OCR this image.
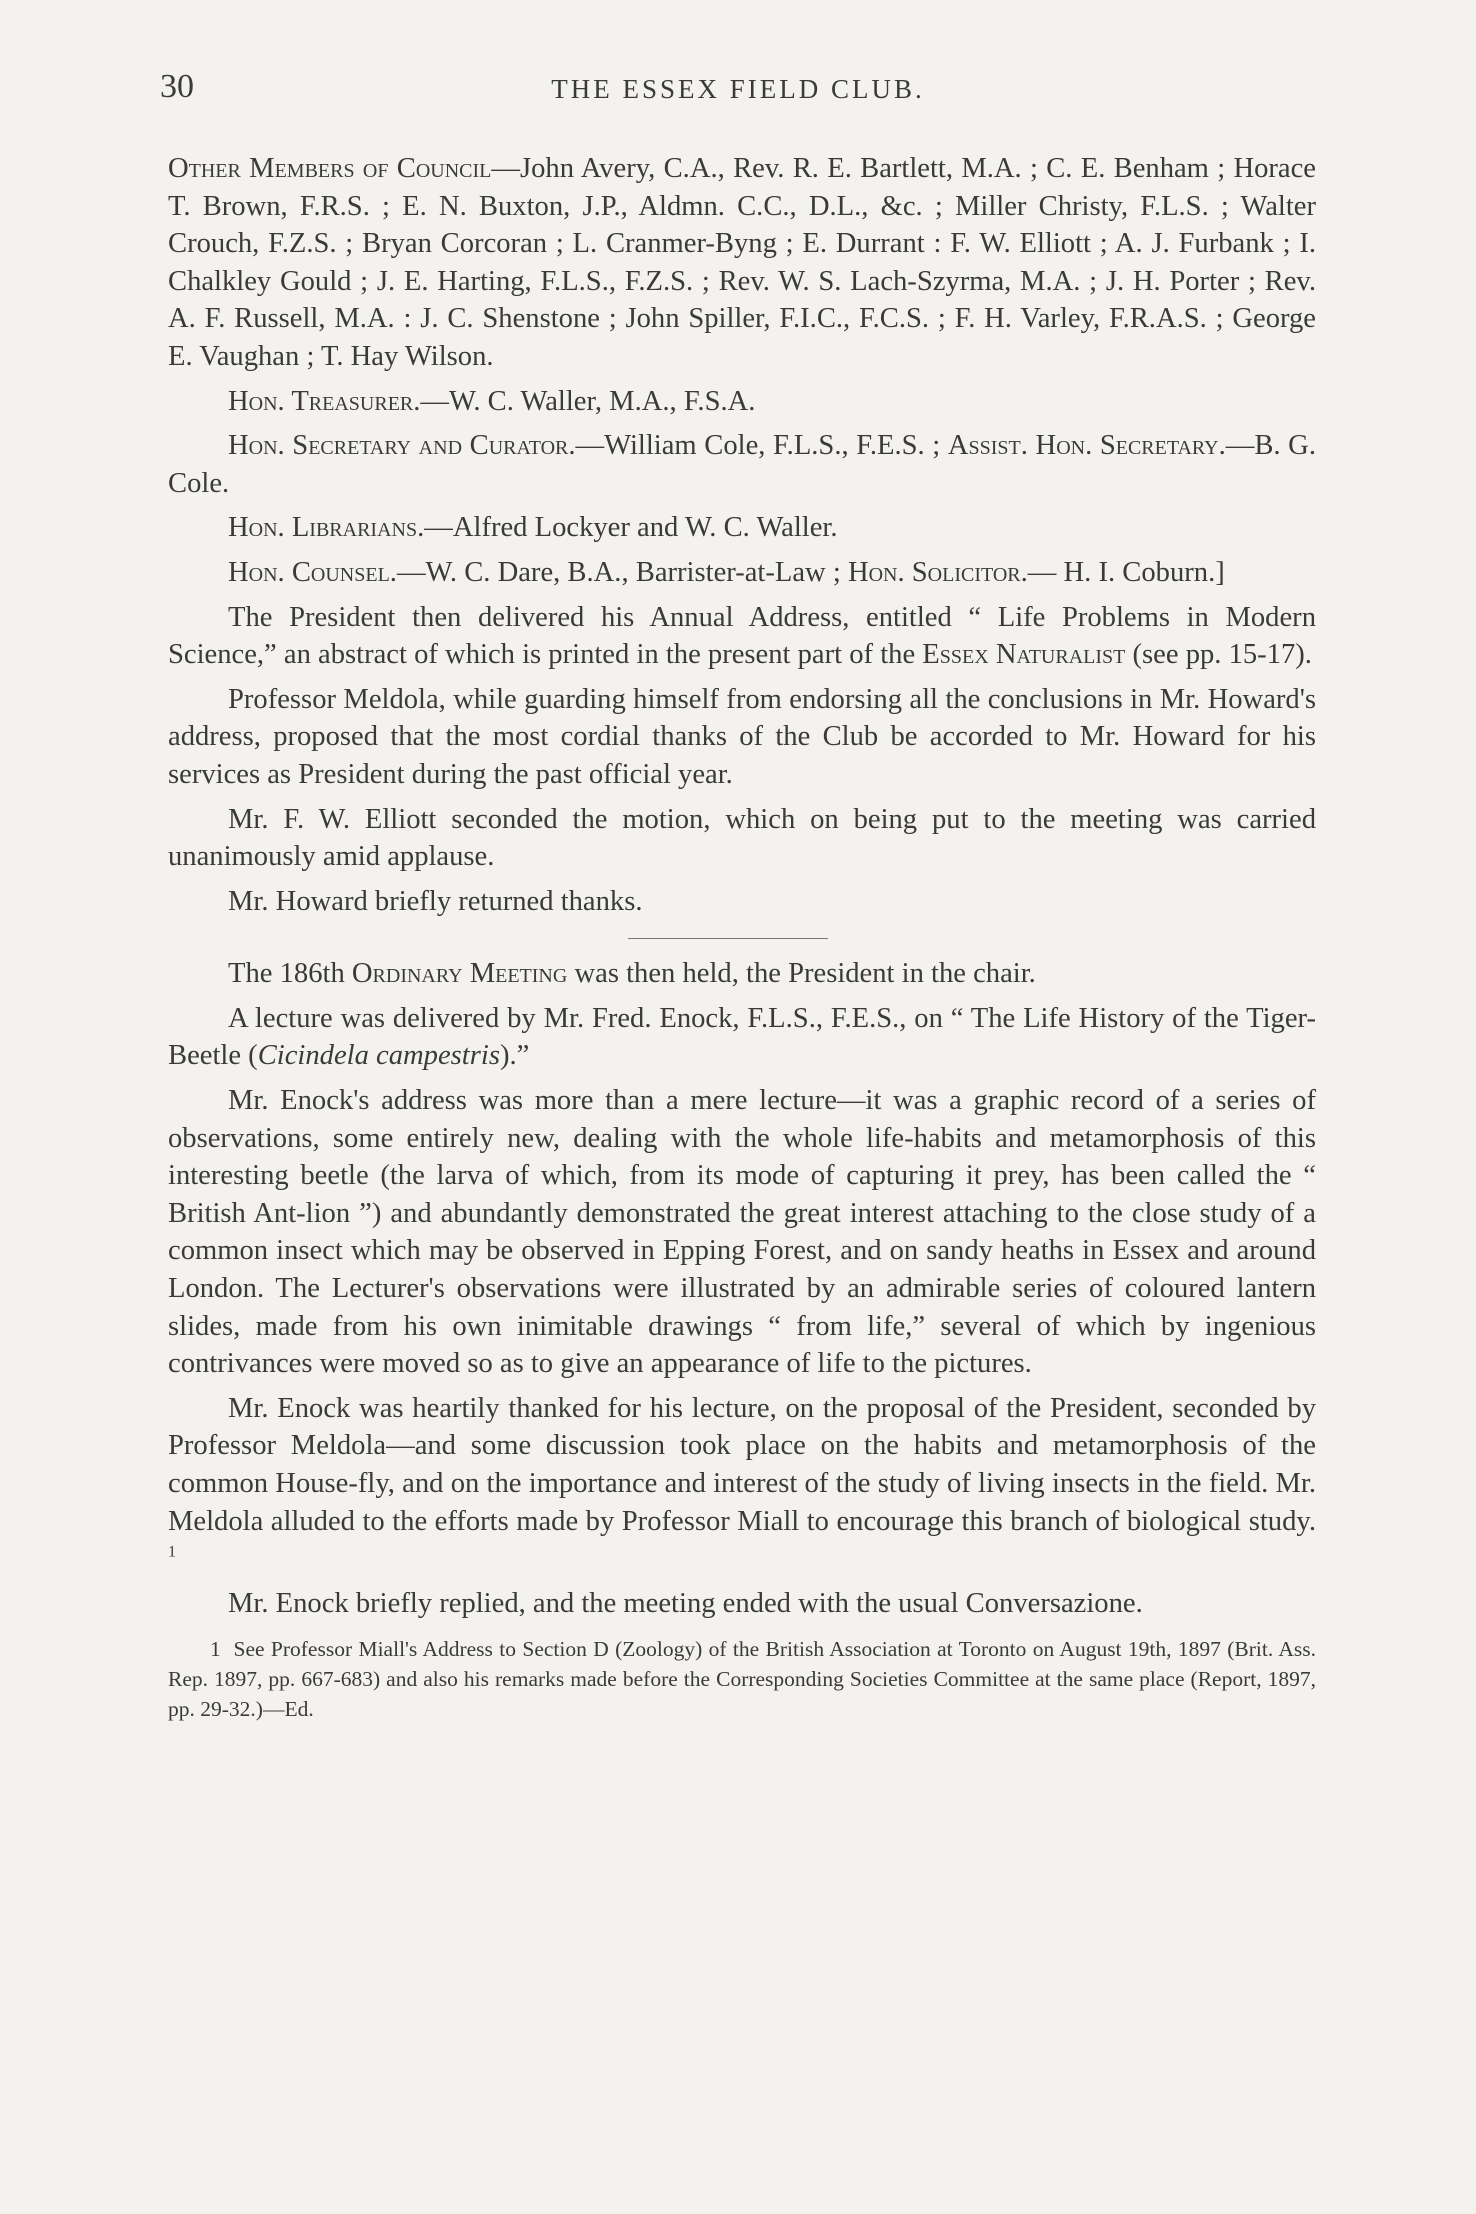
30	THE ESSEX FIELD CLUB.

Other Members of Council—John Avery, C.A., Rev. R. E. Bartlett, M.A. ; C. E. Benham ; Horace T. Brown, F.R.S. ; E. N. Buxton, J.P., Aldmn. C.C., D.L., &c. ; Miller Christy, F.L.S. ; Walter Crouch, F.Z.S. ; Bryan Corcoran ; L. Cranmer-Byng ; E. Durrant : F. W. Elliott ; A. J. Furbank ; I. Chalkley Gould ; J. E. Harting, F.L.S., F.Z.S. ; Rev. W. S. Lach-Szyrma, M.A. ; J. H. Porter ; Rev. A. F. Russell, M.A. : J. C. Shenstone ; John Spiller, F.I.C., F.C.S. ; F. H. Varley, F.R.A.S. ; George E. Vaughan ; T. Hay Wilson.

Hon. Treasurer.—W. C. Waller, M.A., F.S.A.

Hon. Secretary and Curator.—William Cole, F.L.S., F.E.S. ; Assist. Hon. Secretary.—B. G. Cole.

Hon. Librarians.—Alfred Lockyer and W. C. Waller.

Hon. Counsel.—W. C. Dare, B.A., Barrister-at-Law ; Hon. Solicitor.— H. I. Coburn.]

The President then delivered his Annual Address, entitled “ Life Problems in Modern Science,” an abstract of which is printed in the present part of the Essex Naturalist (see pp. 15-17).

Professor Meldola, while guarding himself from endorsing all the conclusions in Mr. Howard's address, proposed that the most cordial thanks of the Club be accorded to Mr. Howard for his services as President during the past official year.

Mr. F. W. Elliott seconded the motion, which on being put to the meeting was carried unanimously amid applause.

Mr. Howard briefly returned thanks.

The 186th Ordinary Meeting was then held, the President in the chair.

A lecture was delivered by Mr. Fred. Enock, F.L.S., F.E.S., on “ The Life History of the Tiger-Beetle (Cicindela campestris).”

Mr. Enock's address was more than a mere lecture—it was a graphic record of a series of observations, some entirely new, dealing with the whole life-habits and metamorphosis of this interesting beetle (the larva of which, from its mode of capturing it prey, has been called the “ British Ant-lion ”) and abundantly demonstrated the great interest attaching to the close study of a common insect which may be observed in Epping Forest, and on sandy heaths in Essex and around London. The Lecturer's observations were illustrated by an admirable series of coloured lantern slides, made from his own inimitable drawings “ from life,” several of which by ingenious contrivances were moved so as to give an appearance of life to the pictures.

Mr. Enock was heartily thanked for his lecture, on the proposal of the President, seconded by Professor Meldola—and some discussion took place on the habits and metamorphosis of the common House-fly, and on the importance and interest of the study of living insects in the field. Mr. Meldola alluded to the efforts made by Professor Miall to encourage this branch of biological study. $^1$

Mr. Enock briefly replied, and the meeting ended with the usual Conversazione.

1 See Professor Miall's Address to Section D (Zoology) of the British Association at Toronto on August 19th, 1897 (Brit. Ass. Rep. 1897, pp. 667-683) and also his remarks made before the Corresponding Societies Committee at the same place (Report, 1897, pp. 29-32.)—Ed.
